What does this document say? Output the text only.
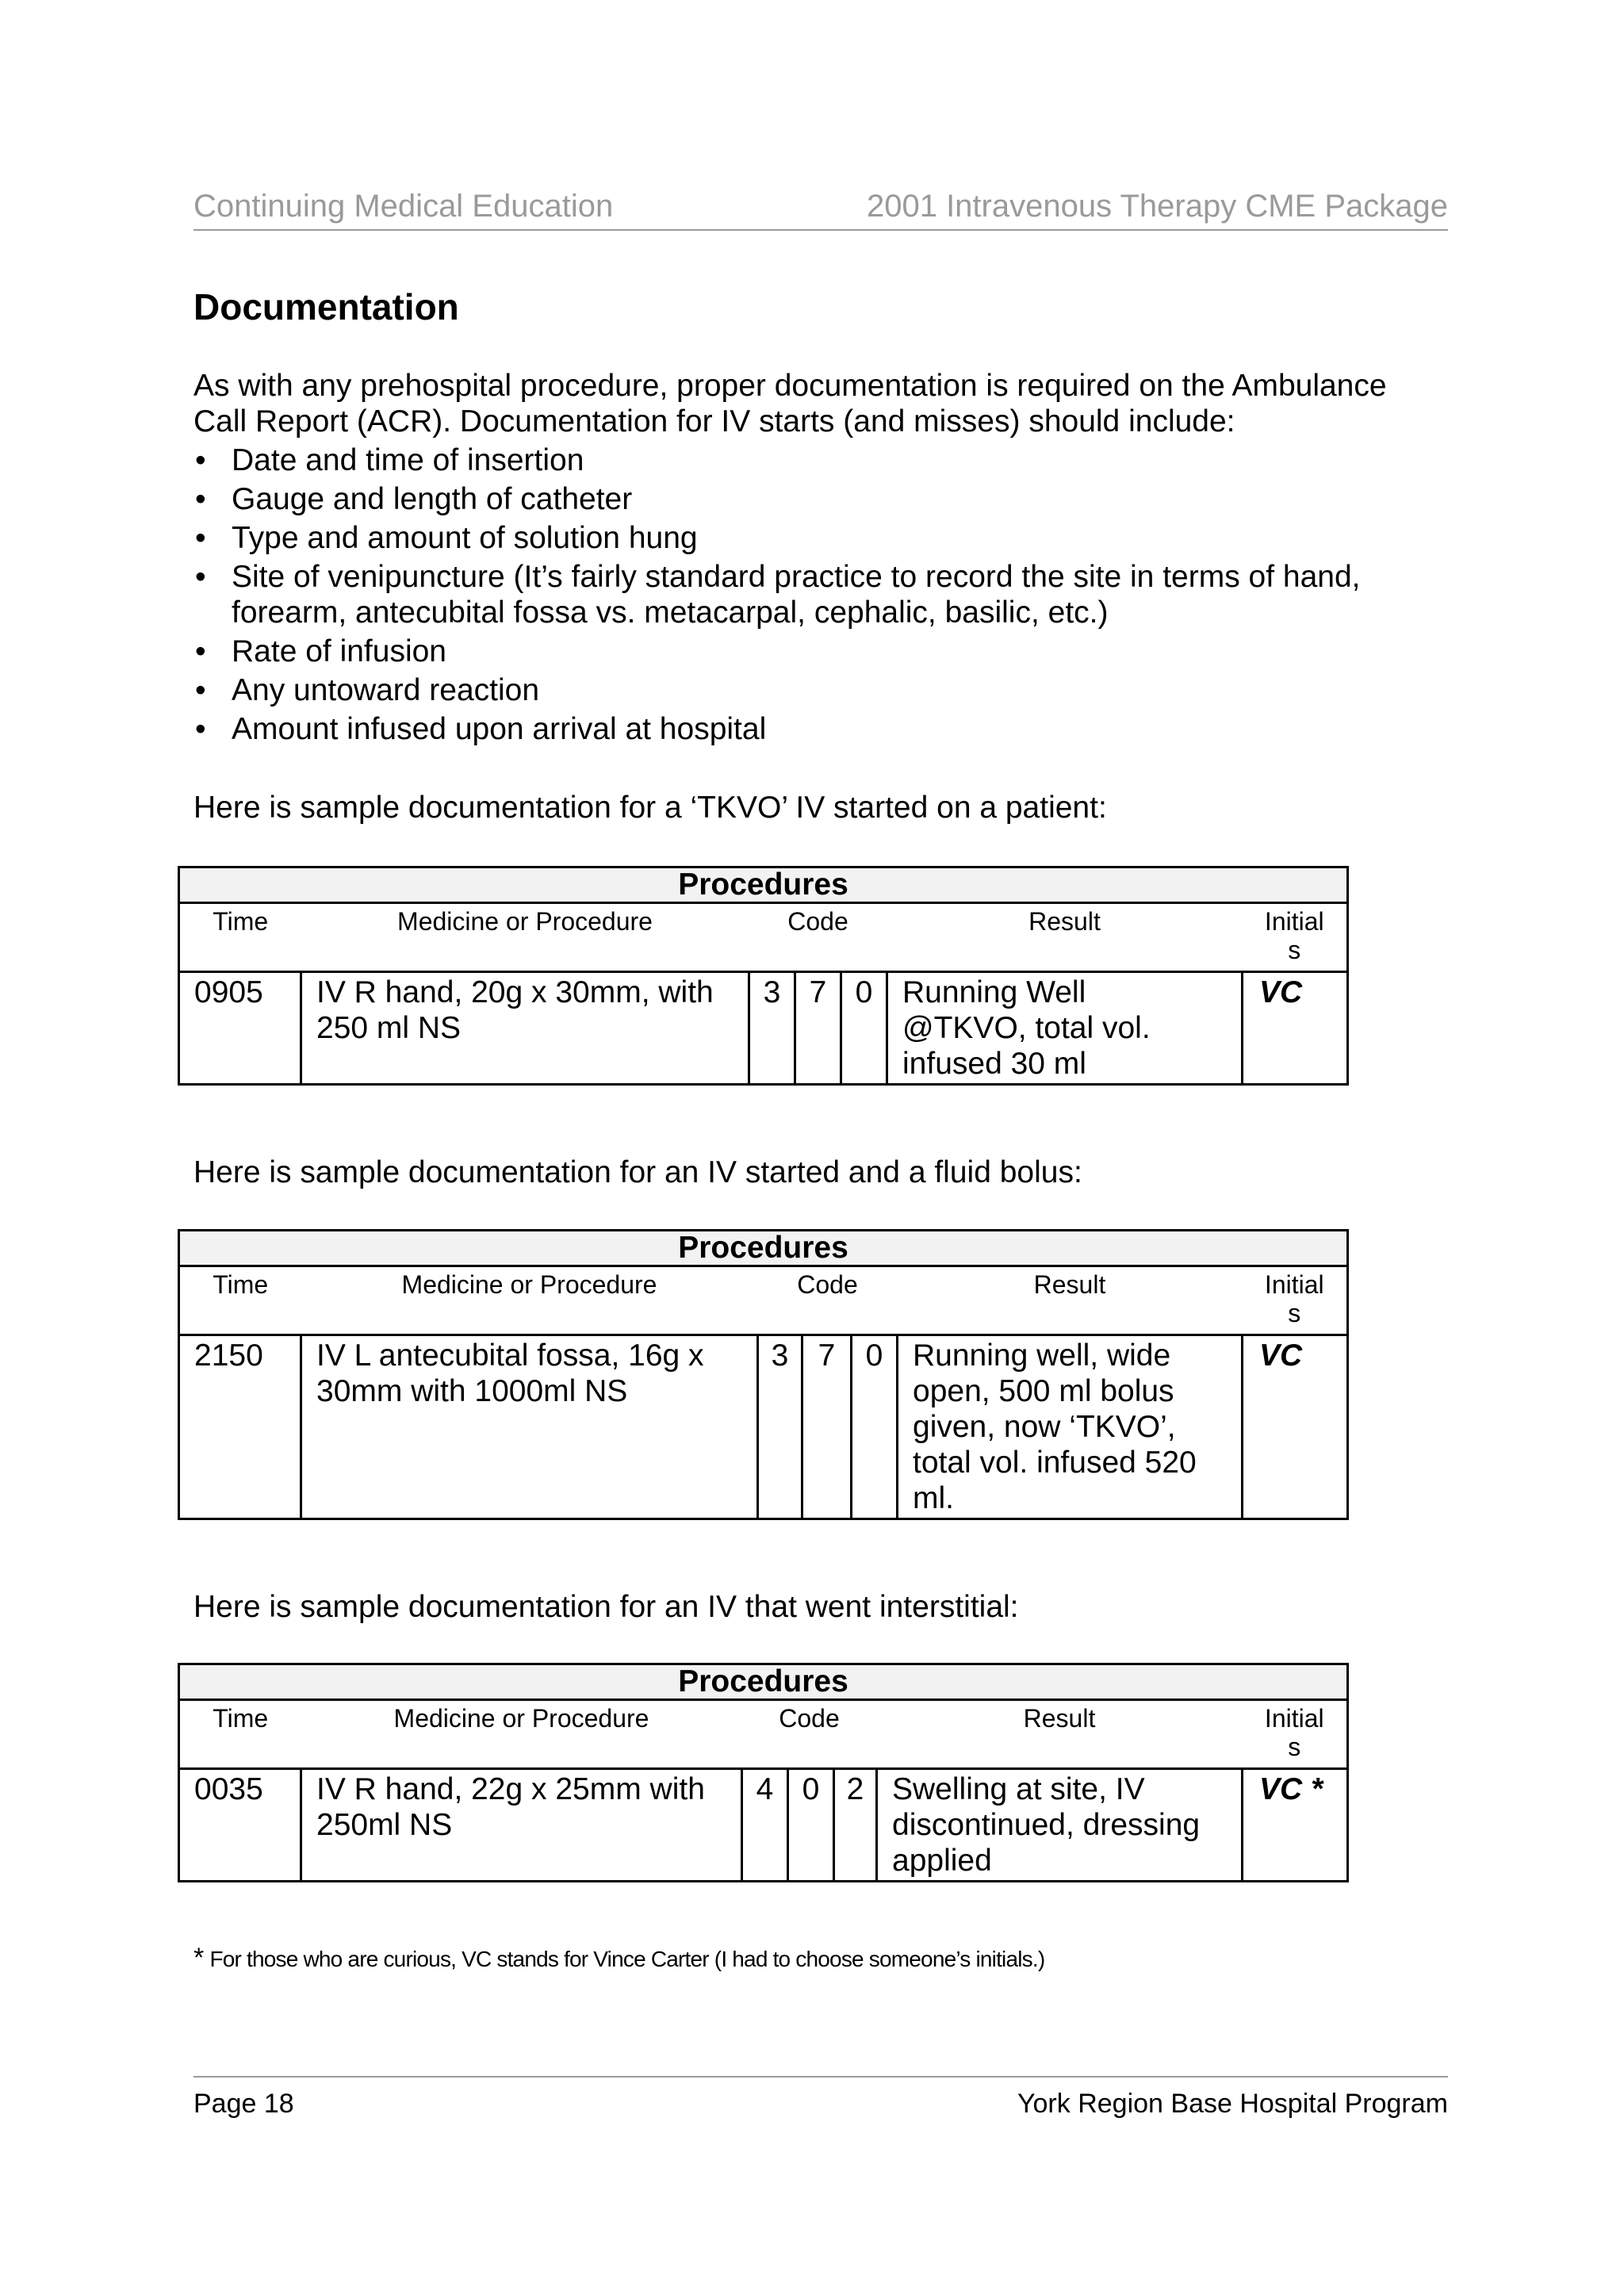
Continuing Medical Education	2001 Intravenous Therapy CME Package
Documentation

As with any prehospital procedure, proper documentation is required on the Ambulance
Call Report (ACR). Documentation for IV starts (and misses) should include:

• Date and time of insertion
• Gauge and length of catheter
• Type and amount of solution hung
• Site of venipuncture (It’s fairly standard practice to record the site in terms of hand, forearm, antecubital fossa vs. metacarpal, cephalic, basilic, etc.)
• Rate of infusion
• Any untoward reaction
• Amount infused upon arrival at hospital

Here is sample documentation for a ‘TKVO’ IV started on a patient:

Procedures						
Time	Medicine or Procedure	Code			Result	Initial
s
0905	IV R hand, 20g x 30mm, with
250 ml NS	3	7	0	Running Well
@TKVO, total vol.
infused 30 ml	VC

Here is sample documentation for an IV started and a fluid bolus:

Procedures						
Time	Medicine or Procedure	Code			Result	Initial
s
2150	IV L antecubital fossa, 16g x
30mm with 1000ml NS	3	7	0	Running well, wide
open, 500 ml bolus
given, now ‘TKVO’,
total vol. infused 520
ml.	VC

Here is sample documentation for an IV that went interstitial:

Procedures						
Time	Medicine or Procedure	Code			Result	Initial
s
0035	IV R hand, 22g x 25mm with
250ml NS	4	0	2	Swelling at site, IV
discontinued, dressing
applied	VC *

* For those who are curious, VC stands for Vince Carter (I had to choose someone’s initials.)

Page 18	York Region Base Hospital Program
